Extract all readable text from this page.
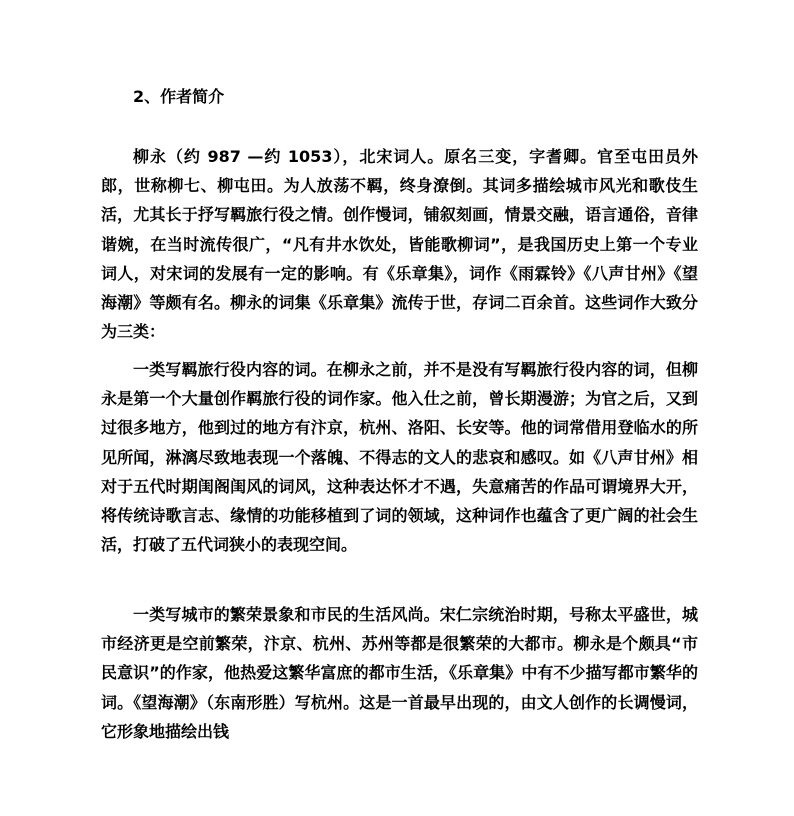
2、作者简介

柳永（约 987 —约 1053），北宋词人。原名三变，字耆卿。官至屯田员外郎，世称柳七、柳屯田。为人放荡不羁，终身潦倒。其词多描绘城市风光和歌伎生活，尤其长于抒写羁旅行役之情。创作慢词，铺叙刻画，情景交融，语言通俗，音律谐婉，在当时流传很广，“凡有井水饮处，皆能歌柳词”，是我国历史上第一个专业词人，对宋词的发展有一定的影响。有《乐章集》，词作《雨霖铃》《八声甘州》《望海潮》等颇有名。柳永的词集《乐章集》流传于世，存词二百余首。这些词作大致分为三类：

一类写羁旅行役内容的词。在柳永之前，并不是没有写羁旅行役内容的词，但柳永是第一个大量创作羁旅行役的词作家。他入仕之前，曾长期漫游；为官之后，又到过很多地方，他到过的地方有汴京，杭州、洛阳、长安等。他的词常借用登临水的所见所闻，淋漓尽致地表现一个落魄、不得志的文人的悲哀和感叹。如《八声甘州》相对于五代时期闺阁闺风的词风，这种表达怀才不遇，失意痛苦的作品可谓境界大开，将传统诗歌言志、缘情的功能移植到了词的领域，这种词作也蕴含了更广阔的社会生活，打破了五代词狭小的表现空间。

一类写城市的繁荣景象和市民的生活风尚。宋仁宗统治时期，号称太平盛世，城市经济更是空前繁荣，汴京、杭州、苏州等都是很繁荣的大都市。柳永是个颇具“市民意识”的作家，他热爱这繁华富庶的都市生活，《乐章集》中有不少描写都市繁华的词。《望海潮》（东南形胜）写杭州。这是一首最早出现的，由文人创作的长调慢词，它形象地描绘出钱
